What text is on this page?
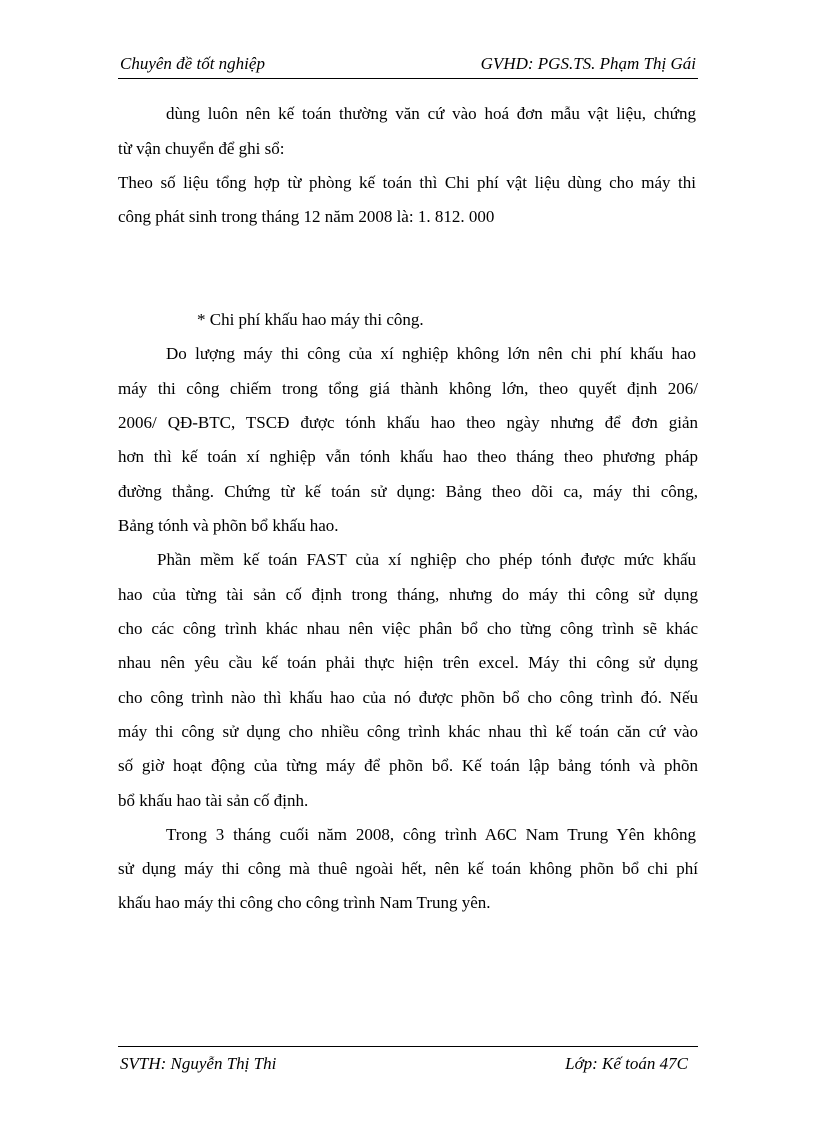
Chuyên đề tốt nghiệp	GVHD: PGS.TS. Phạm Thị Gái
dùng luôn nên kế toán thường văn cứ vào hoá đơn mẫu vật liệu, chứng
từ vận chuyển để ghi sổ:
Theo số liệu tổng hợp từ phòng kế toán thì Chi phí vật liệu dùng cho máy thi
công phát sinh trong tháng 12 năm 2008 là: 1. 812. 000
* Chi phí khấu hao máy thi công.
Do lượng máy thi công của xí nghiệp không lớn nên chi phí khấu hao
máy thi công chiếm trong tổng giá thành không lớn, theo quyết định 206/
2006/ QĐ-BTC, TSCĐ được tónh khấu hao theo ngày nhưng để đơn giản
hơn thì kế toán xí nghiệp vẫn tónh khấu hao theo tháng theo phương pháp
đường thẳng. Chứng từ kế toán sử dụng: Bảng theo dõi ca, máy thi công,
Bảng tónh và phõn bổ khấu hao.
Phần mềm kế toán FAST của xí nghiệp cho phép tónh được mức khấu
hao của từng tài sản cố định trong tháng, nhưng do máy thi công sử dụng
cho các công trình khác nhau nên việc phân bổ cho từng công trình sẽ khác
nhau nên yêu cầu kế toán phải thực hiện trên excel. Máy thi công sử dụng
cho công trình nào thì khấu hao của nó được phõn bổ cho công trình đó. Nếu
máy thi công sử dụng cho nhiều công trình khác nhau thì kế toán căn cứ vào
số giờ hoạt động của từng máy để phõn bổ. Kế toán lập bảng tónh và phõn
bổ khấu hao tài sản cố định.
Trong 3 tháng cuối năm 2008, công trình A6C Nam Trung Yên không
sử dụng máy thi công mà thuê ngoài hết, nên kế toán không phõn bổ chi phí
khấu hao máy thi công cho công trình Nam Trung yên.
SVTH: Nguyễn Thị Thi	Lớp: Kế toán 47C
